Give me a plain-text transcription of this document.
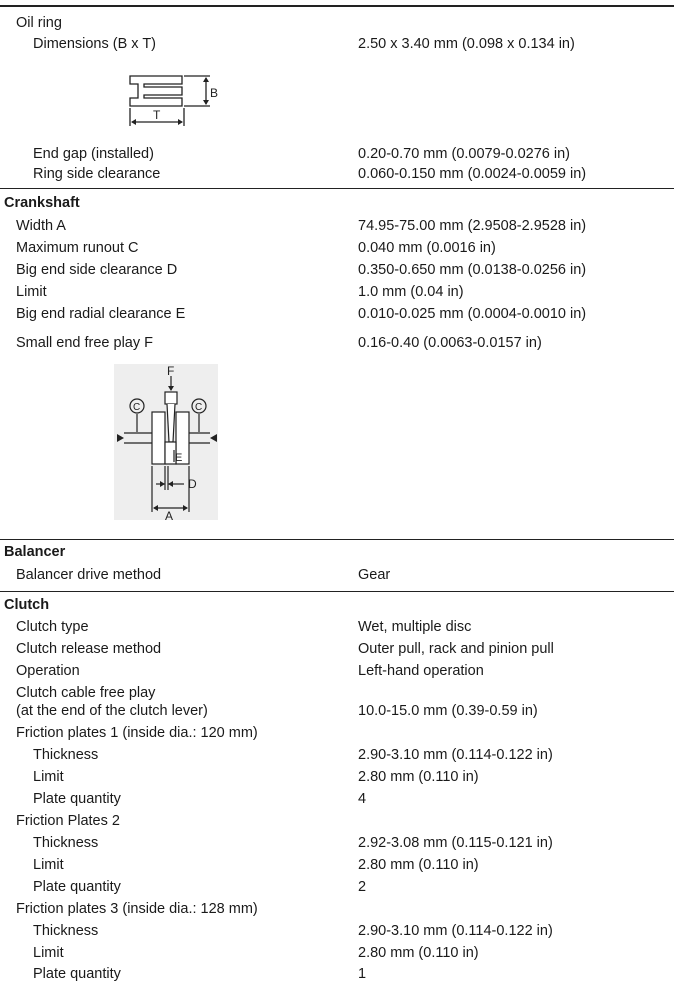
Oil ring
Dimensions (B x T)	2.50 x 3.40 mm (0.098 x 0.134 in)
B
T
End gap (installed)	0.20-0.70 mm (0.0079-0.0276 in)
Ring side clearance	0.060-0.150 mm (0.0024-0.0059 in)
Crankshaft
Width A	74.95-75.00 mm (2.9508-2.9528 in)
Maximum runout C	0.040 mm (0.0016 in)
Big end side clearance D	0.350-0.650 mm (0.0138-0.0256 in)
Limit	1.0 mm (0.04 in)
Big end radial clearance E	0.010-0.025 mm (0.0004-0.0010 in)
Small end free play F	0.16-0.40 (0.0063-0.0157 in)
F
C	C
E
D
A
Balancer
Balancer drive method	Gear
Clutch
Clutch type	Wet, multiple disc
Clutch release method	Outer pull, rack and pinion pull
Operation	Left-hand operation
Clutch cable free play
(at the end of the clutch lever)	10.0-15.0 mm (0.39-0.59 in)
Friction plates 1 (inside dia.: 120 mm)
Thickness	2.90-3.10 mm (0.114-0.122 in)
Limit	2.80 mm (0.110 in)
Plate quantity	4
Friction Plates 2
Thickness	2.92-3.08 mm (0.115-0.121 in)
Limit	2.80 mm (0.110 in)
Plate quantity	2
Friction plates 3 (inside dia.: 128 mm)
Thickness	2.90-3.10 mm (0.114-0.122 in)
Limit	2.80 mm (0.110 in)
Plate quantity	1
